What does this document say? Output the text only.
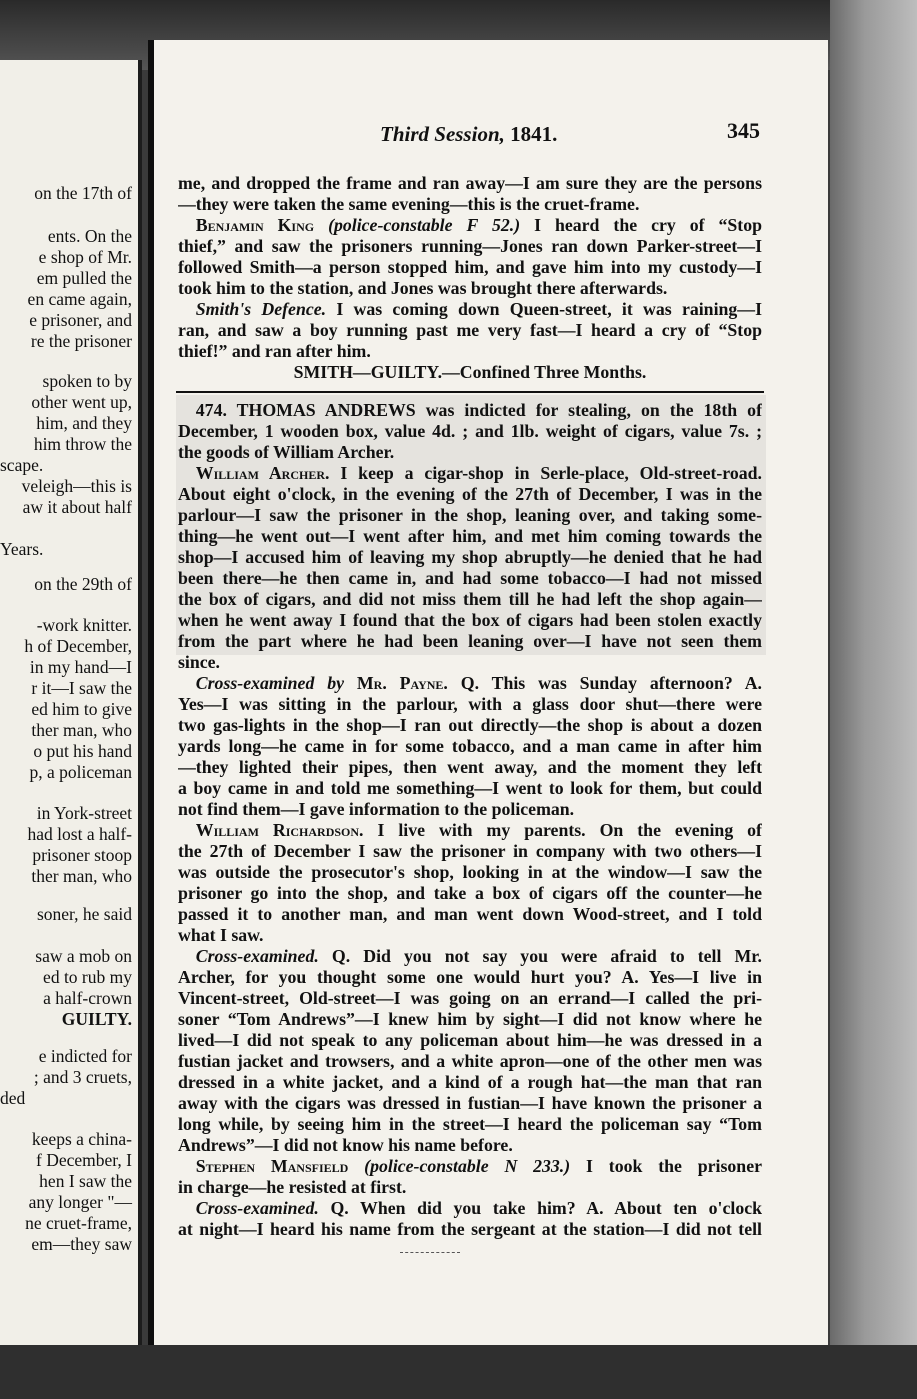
on the 17th of
ents. On the
e shop of Mr.
em pulled the
en came again,
e prisoner, and
re the prisoner
spoken to by
other went up,
him, and they
him throw the
scape.
veleigh—this is
aw it about half
Years.
on the 29th of
-work knitter.
h of December,
in my hand—I
r it—I saw the
ed him to give
ther man, who
o put his hand
p, a policeman
in York-street
had lost a half-
prisoner stoop
ther man, who
soner, he said
saw a mob on
ed to rub my
a half-crown
GUILTY.
e indicted for
; and 3 cruets,
ded
keeps a china-
f December, I
hen I saw the
any longer "—
ne cruet-frame,
em—they saw
Third Session, 1841.	345
me, and dropped the frame and ran away—I am sure they are the persons
—they were taken the same evening—this is the cruet-frame.
 Benjamin King (police-constable F 52.) I heard the cry of “Stop
thief,” and saw the prisoners running—Jones ran down Parker-street—I
followed Smith—a person stopped him, and gave him into my custody—I
took him to the station, and Jones was brought there afterwards.
 Smith's Defence. I was coming down Queen-street, it was raining—I
ran, and saw a boy running past me very fast—I heard a cry of “Stop
thief!” and ran after him.
SMITH—GUILTY.—Confined Three Months.
 474. THOMAS ANDREWS was indicted for stealing, on the 18th of
December, 1 wooden box, value 4d. ; and 1lb. weight of cigars, value 7s. ;
the goods of William Archer.
 William Archer. I keep a cigar-shop in Serle-place, Old-street-road.
About eight o'clock, in the evening of the 27th of December, I was in the
parlour—I saw the prisoner in the shop, leaning over, and taking some-
thing—he went out—I went after him, and met him coming towards the
shop—I accused him of leaving my shop abruptly—he denied that he had
been there—he then came in, and had some tobacco—I had not missed
the box of cigars, and did not miss them till he had left the shop again—
when he went away I found that the box of cigars had been stolen exactly
from the part where he had been leaning over—I have not seen them
since.
 Cross-examined by Mr. Payne. Q. This was Sunday afternoon? A.
Yes—I was sitting in the parlour, with a glass door shut—there were
two gas-lights in the shop—I ran out directly—the shop is about a dozen
yards long—he came in for some tobacco, and a man came in after him
—they lighted their pipes, then went away, and the moment they left
a boy came in and told me something—I went to look for them, but could
not find them—I gave information to the policeman.
 William Richardson. I live with my parents. On the evening of
the 27th of December I saw the prisoner in company with two others—I
was outside the prosecutor's shop, looking in at the window—I saw the
prisoner go into the shop, and take a box of cigars off the counter—he
passed it to another man, and man went down Wood-street, and I told
what I saw.
 Cross-examined. Q. Did you not say you were afraid to tell Mr.
Archer, for you thought some one would hurt you? A. Yes—I live in
Vincent-street, Old-street—I was going on an errand—I called the pri-
soner “Tom Andrews”—I knew him by sight—I did not know where he
lived—I did not speak to any policeman about him—he was dressed in a
fustian jacket and trowsers, and a white apron—one of the other men was
dressed in a white jacket, and a kind of a rough hat—the man that ran
away with the cigars was dressed in fustian—I have known the prisoner a
long while, by seeing him in the street—I heard the policeman say “Tom
Andrews”—I did not know his name before.
 Stephen Mansfield (police-constable N 233.) I took the prisoner
in charge—he resisted at first.
 Cross-examined. Q. When did you take him? A. About ten o'clock
at night—I heard his name from the sergeant at the station—I did not tell
